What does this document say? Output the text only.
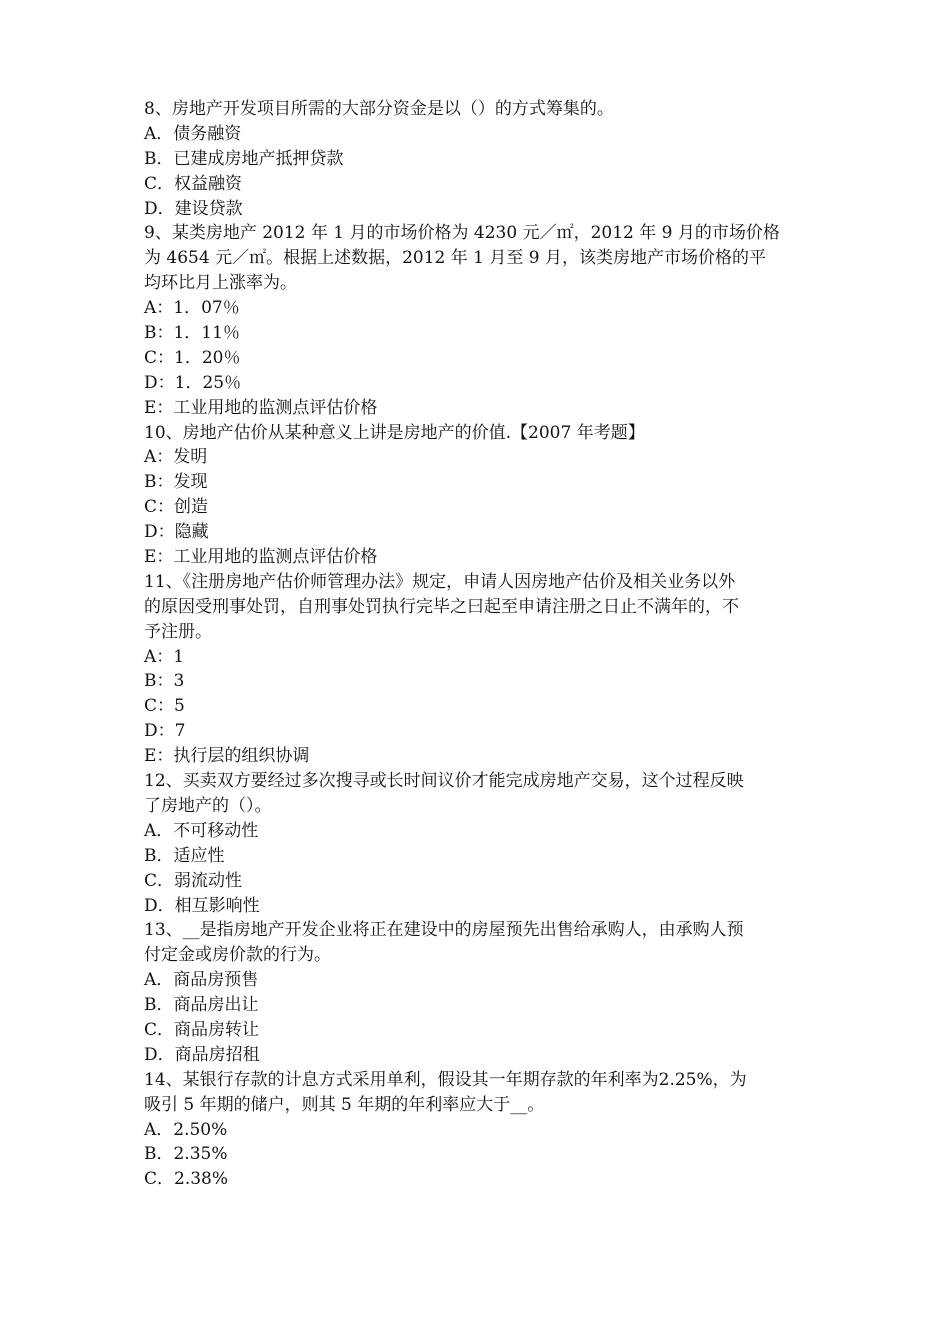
8、房地产开发项目所需的大部分资金是以（）的方式筹集的。
A．债务融资
B．已建成房地产抵押贷款
C．权益融资
D．建设贷款
9、某类房地产 2012 年 1 月的市场价格为 4230 元／㎡，2012 年 9 月的市场价格
为 4654 元／㎡。根据上述数据，2012 年 1 月至 9 月，该类房地产市场价格的平
均环比月上涨率为。
A：1．07％
B：1．11％
C：1．20％
D：1．25％
E：工业用地的监测点评估价格
10、房地产估价从某种意义上讲是房地产的价值.【2007 年考题】
A：发明
B：发现
C：创造
D：隐藏
E：工业用地的监测点评估价格
11、《注册房地产估价师管理办法》规定，申请人因房地产估价及相关业务以外
的原因受刑事处罚，自刑事处罚执行完毕之曰起至申请注册之日止不满年的，不
予注册。
A：1
B：3
C：5
D：7
E：执行层的组织协调
12、买卖双方要经过多次搜寻或长时间议价才能完成房地产交易，这个过程反映
了房地产的（）。
A．不可移动性
B．适应性
C．弱流动性
D．相互影响性
13、__是指房地产开发企业将正在建设中的房屋预先出售给承购人，由承购人预
付定金或房价款的行为。
A．商品房预售
B．商品房出让
C．商品房转让
D．商品房招租
14、某银行存款的计息方式采用单利，假设其一年期存款的年利率为2.25%，为
吸引 5 年期的储户，则其 5 年期的年利率应大于__。
A．2.50%
B．2.35%
C．2.38%
